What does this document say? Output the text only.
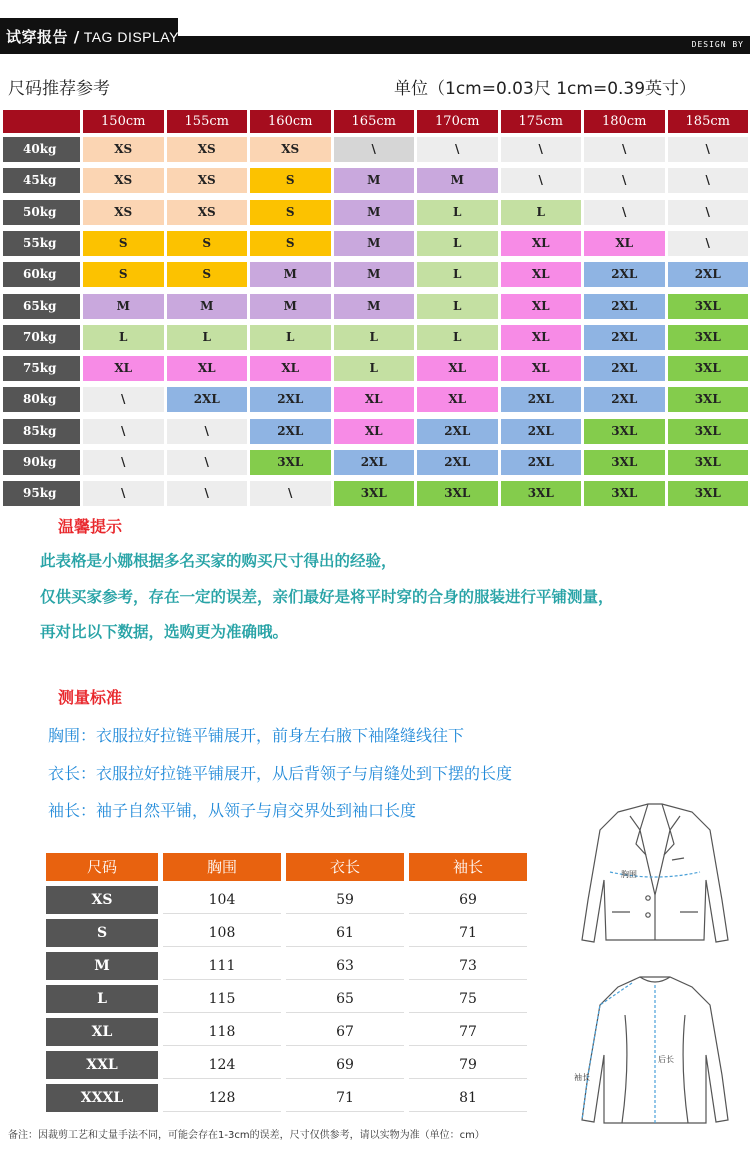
试穿报告 / TAG DISPLAY	DESIGN BY
尺码推荐参考	单位（1cm=0.03尺 1cm=0.39英寸）
150cm	155cm	160cm	165cm	170cm	175cm	180cm	185cm
40kg	XS	XS	XS	\	\	\	\	\
45kg	XS	XS	S	M	M	\	\	\
50kg	XS	XS	S	M	L	L	\	\
55kg	S	S	S	M	L	XL	XL	\
60kg	S	S	M	M	L	XL	2XL	2XL
65kg	M	M	M	M	L	XL	2XL	3XL
70kg	L	L	L	L	L	XL	2XL	3XL
75kg	XL	XL	XL	L	XL	XL	2XL	3XL
80kg	\	2XL	2XL	XL	XL	2XL	2XL	3XL
85kg	\	\	2XL	XL	2XL	2XL	3XL	3XL
90kg	\	\	3XL	2XL	2XL	2XL	3XL	3XL
95kg	\	\	\	3XL	3XL	3XL	3XL	3XL
温馨提示
此表格是小娜根据多名买家的购买尺寸得出的经验，
仅供买家参考，存在一定的误差，亲们最好是将平时穿的合身的服装进行平铺测量，
再对比以下数据，选购更为准确哦。
测量标准
胸围：衣服拉好拉链平铺展开，前身左右腋下袖隆缝线往下
衣长：衣服拉好拉链平铺展开，从后背领子与肩缝处到下摆的长度
袖长：袖子自然平铺，从领子与肩交界处到袖口长度
尺码	胸围	衣长	袖长
XS	104	59	69
S	108	61	71
M	111	63	73
L	115	65	75
XL	118	67	77
XXL	124	69	79
XXXL	128	71	81
胸围
袖长
后长
备注：因裁剪工艺和丈量手法不同，可能会存在1-3cm的误差，尺寸仅供参考，请以实物为准（单位：cm）
